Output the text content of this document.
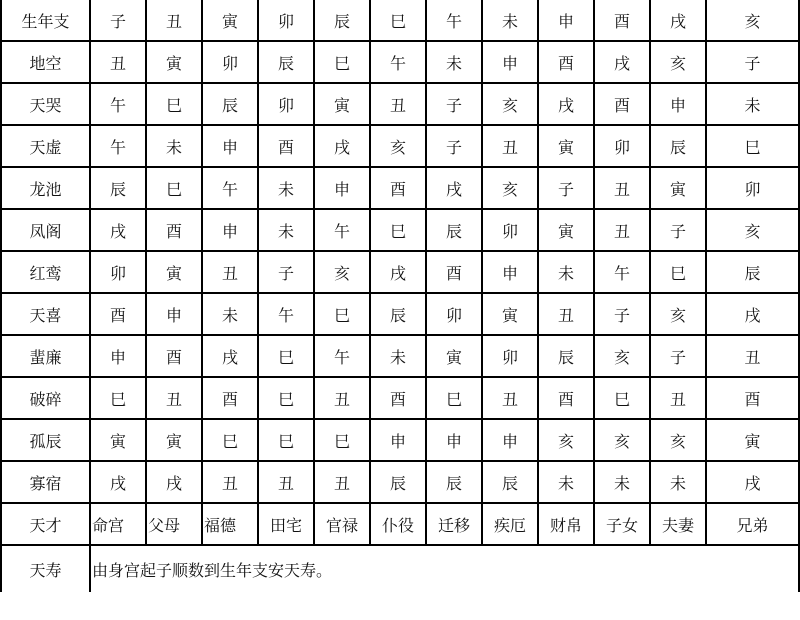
生年支	子	丑	寅	卯	辰	巳	午	未	申	酉	戌	亥
地空	丑	寅	卯	辰	巳	午	未	申	酉	戌	亥	子
天哭	午	巳	辰	卯	寅	丑	子	亥	戌	酉	申	未
天虚	午	未	申	酉	戌	亥	子	丑	寅	卯	辰	巳
龙池	辰	巳	午	未	申	酉	戌	亥	子	丑	寅	卯
凤阁	戌	酉	申	未	午	巳	辰	卯	寅	丑	子	亥
红鸾	卯	寅	丑	子	亥	戌	酉	申	未	午	巳	辰
天喜	酉	申	未	午	巳	辰	卯	寅	丑	子	亥	戌
蜚廉	申	酉	戌	巳	午	未	寅	卯	辰	亥	子	丑
破碎	巳	丑	酉	巳	丑	酉	巳	丑	酉	巳	丑	酉
孤辰	寅	寅	巳	巳	巳	申	申	申	亥	亥	亥	寅
寡宿	戌	戌	丑	丑	丑	辰	辰	辰	未	未	未	戌
天才	命宫	父母	福德	田宅	官禄	仆役	迁移	疾厄	财帛	子女	夫妻	兄弟
天寿	由身宫起子顺数到生年支安天寿。											
